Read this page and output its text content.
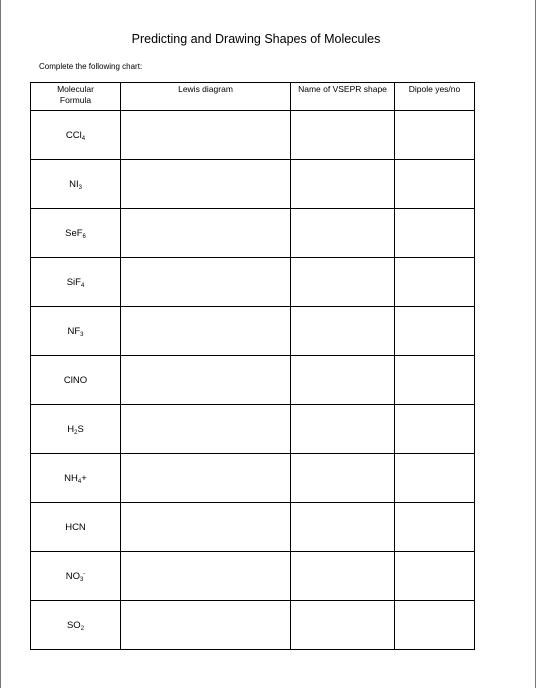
Predicting and Drawing Shapes of Molecules
Complete the following chart:
Molecular
Formula	Lewis diagram	Name of VSEPR shape	Dipole yes/no
CCl$_4$			
$NI_3$			
SeF$_6$			
SiF$_4$			
$NF_3$			
ClNO			
$H_2S$			
$NH_4+$			
HCN			
$NO_3^-$			
$SO_2$			
